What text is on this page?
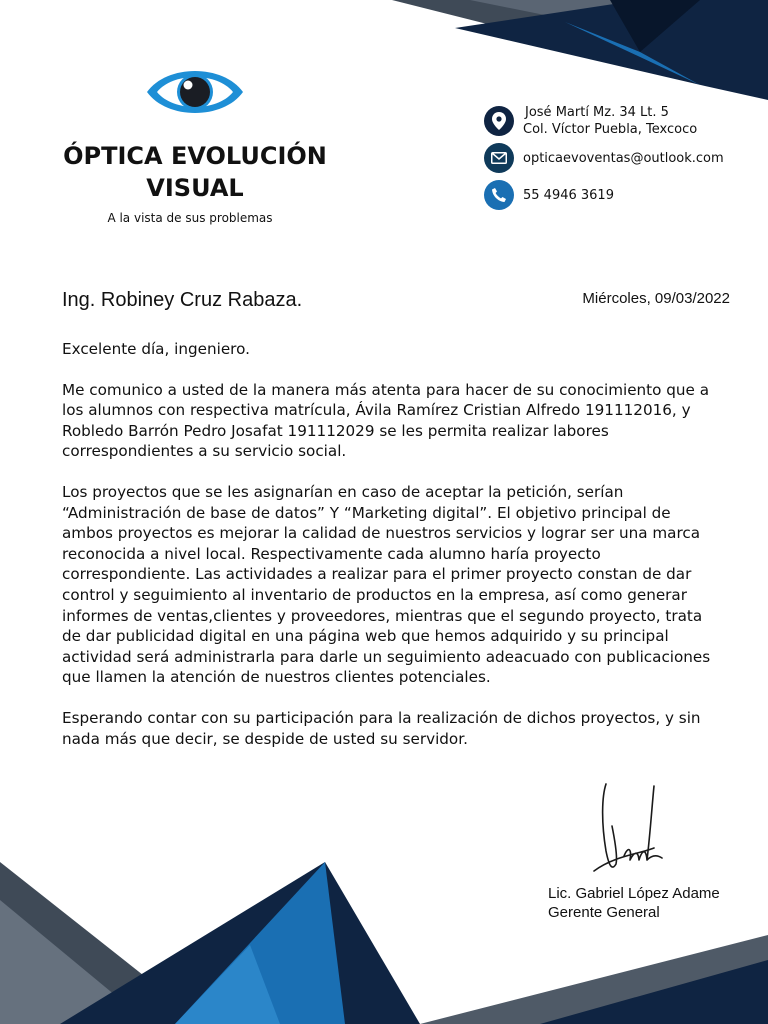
ÓPTICA EVOLUCIÓN
VISUAL
A la vista de sus problemas
José Martí Mz. 34 Lt. 5
Col. Víctor Puebla, Texcoco
opticaevoventas@outlook.com
55 4946 3619
Ing. Robiney Cruz Rabaza.	Miércoles, 09/03/2022

Excelente día, ingeniero.

Me comunico a usted de la manera más atenta para hacer de su conocimiento que a los alumnos con respectiva matrícula, Ávila Ramírez Cristian Alfredo 191112016, y Robledo Barrón Pedro Josafat 191112029 se les permita realizar labores correspondientes a su servicio social.

Los proyectos que se les asignarían en caso de aceptar la petición, serían “Administración de base de datos” Y “Marketing digital”. El objetivo principal de ambos proyectos es mejorar la calidad de nuestros servicios y lograr ser una marca reconocida a nivel local. Respectivamente cada alumno haría proyecto correspondiente. Las actividades a realizar para el primer proyecto constan de dar control y seguimiento al inventario de productos en la empresa, así como generar informes de ventas,clientes y proveedores, mientras que el segundo proyecto, trata de dar publicidad digital en una página web que hemos adquirido y su principal actividad será administrarla para darle un seguimiento adeacuado con publicaciones que llamen la atención de nuestros clientes potenciales.

Esperando contar con su participación para la realización de dichos proyectos, y sin nada más que decir, se despide de usted su servidor.

Lic. Gabriel López Adame
Gerente General
